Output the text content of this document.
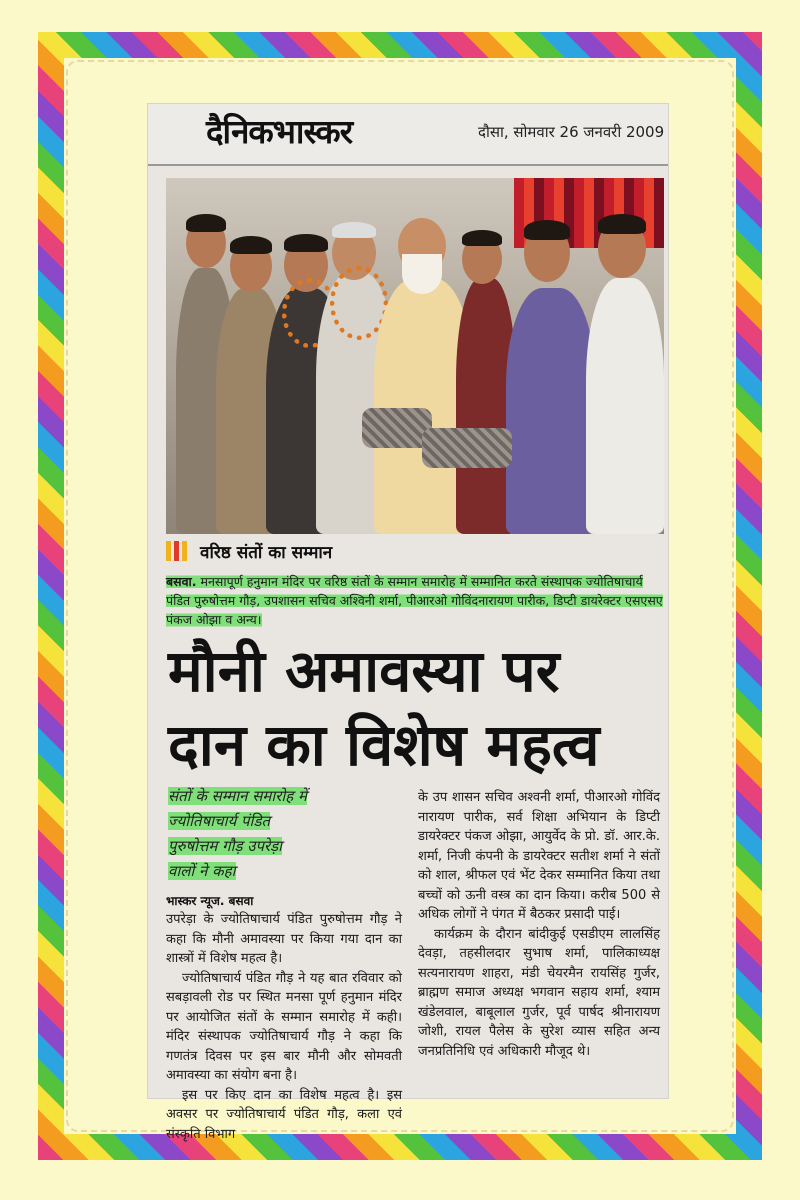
दैनिकभास्कर	दौसा, सोमवार 26 जनवरी 2009
वरिष्ठ संतों का सम्मान
बसवा. मनसापूर्ण हनुमान मंदिर पर वरिष्ठ संतों के सम्मान समारोह में सम्मानित करते संस्थापक ज्योतिषाचार्य पंडित पुरुषोत्तम गौड़, उपशासन सचिव अश्विनी शर्मा, पीआरओ गोविंदनारायण पारीक, डिप्टी डायरेक्टर एसएसए पंकज ओझा व अन्य।
मौनी अमावस्या पर
दान का विशेष महत्व
संतों के सम्मान समारोह में
ज्योतिषाचार्य पंडित
पुरुषोत्तम गौड़ उपरेड़ा
वालों ने कहा
भास्कर न्यूज. बसवा

उपरेड़ा के ज्योतिषाचार्य पंडित पुरुषोत्तम गौड़ ने कहा कि मौनी अमावस्या पर किया गया दान का शास्त्रों में विशेष महत्व है।

ज्योतिषाचार्य पंडित गौड़ ने यह बात रविवार को सबड़ावली रोड पर स्थित मनसा पूर्ण हनुमान मंदिर पर आयोजित संतों के सम्मान समारोह में कही। मंदिर संस्थापक ज्योतिषाचार्य गौड़ ने कहा कि गणतंत्र दिवस पर इस बार मौनी और सोमवती अमावस्या का संयोग बना है।

इस पर किए दान का विशेष महत्व है। इस अवसर पर ज्योतिषाचार्य पंडित गौड़, कला एवं संस्कृति विभाग

के उप शासन सचिव अश्वनी शर्मा, पीआरओ गोविंद नारायण पारीक, सर्व शिक्षा अभियान के डिप्टी डायरेक्टर पंकज ओझा, आयुर्वेद के प्रो. डॉ. आर.के. शर्मा, निजी कंपनी के डायरेक्टर सतीश शर्मा ने संतों को शाल, श्रीफल एवं भेंट देकर सम्मानित किया तथा बच्चों को ऊनी वस्त्र का दान किया। करीब 500 से अधिक लोगों ने पंगत में बैठकर प्रसादी पाई।

कार्यक्रम के दौरान बांदीकुई एसडीएम लालसिंह देवड़ा, तहसीलदार सुभाष शर्मा, पालिकाध्यक्ष सत्यनारायण शाहरा, मंडी चेयरमैन रायसिंह गुर्जर, ब्राह्मण समाज अध्यक्ष भगवान सहाय शर्मा, श्याम खंडेलवाल, बाबूलाल गुर्जर, पूर्व पार्षद श्रीनारायण जोशी, रायल पैलेस के सुरेश व्यास सहित अन्य जनप्रतिनिधि एवं अधिकारी मौजूद थे।
